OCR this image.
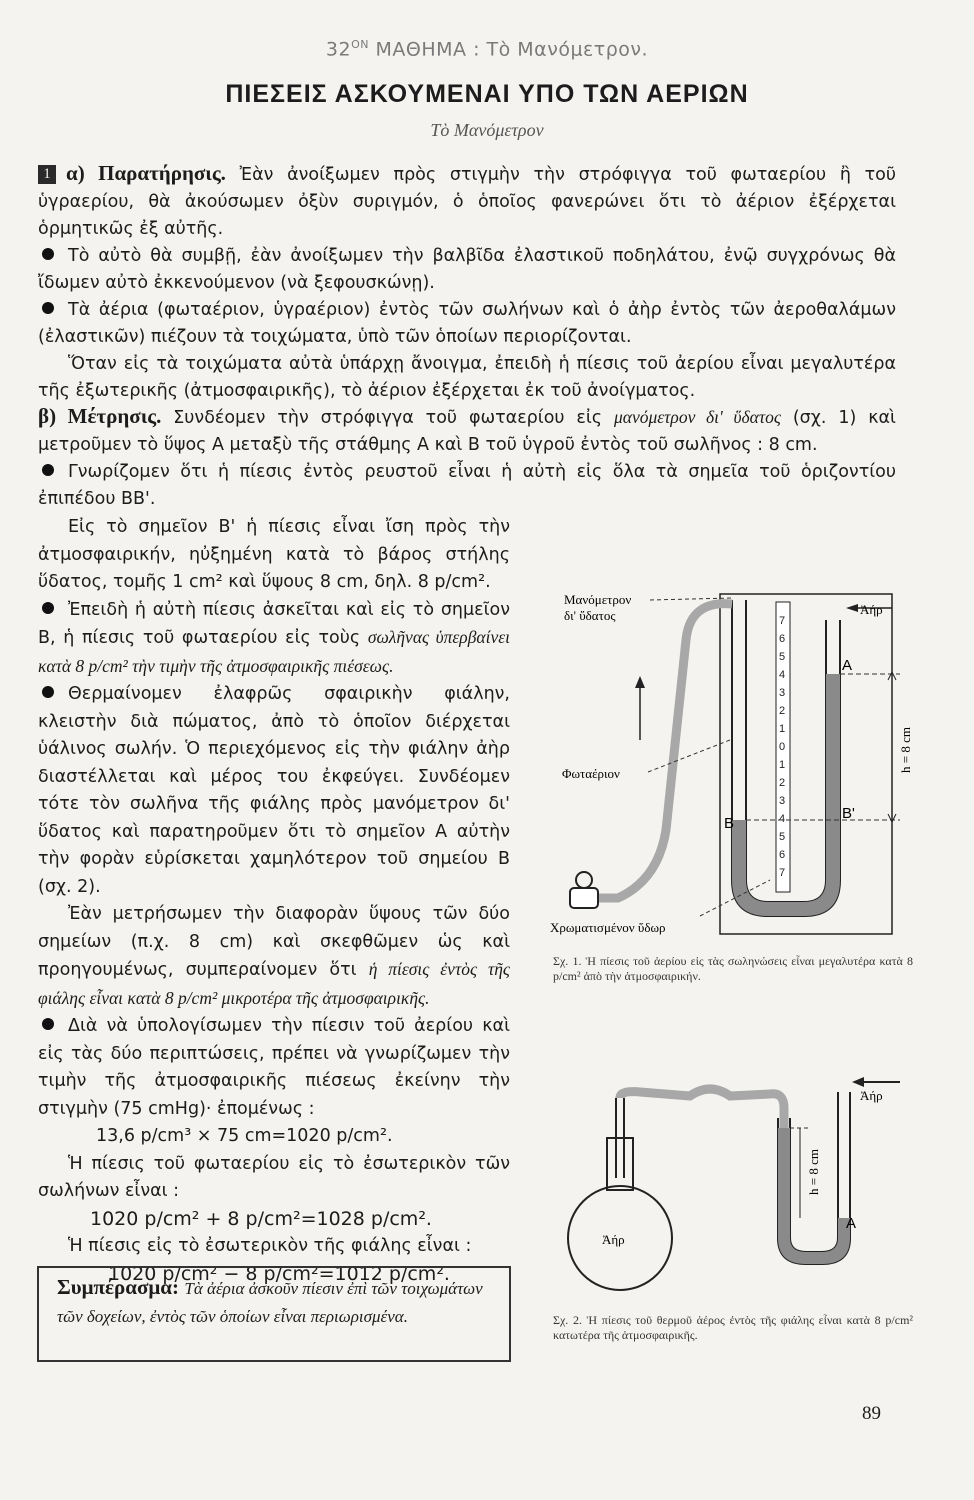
$32^{ON}$ ΜΑΘΗΜΑ : Τὸ Μανόμετρον.
ΠΙΕΣΕΙΣ ΑΣΚΟΥΜΕΝΑΙ ΥΠΟ ΤΩΝ ΑΕΡΙΩΝ
Τὸ Μανόμετρον

1 α) Παρατήρησις. Ἐὰν ἀνοίξωμεν πρὸς στιγμὴν τὴν στρόφιγγα τοῦ φωταερίου ἢ τοῦ ὑγραερίου, θὰ ἀκούσωμεν ὀξὺν συριγμόν, ὁ ὁποῖος φανερώνει ὅτι τὸ ἀέριον ἐξέρχεται ὁρμητικῶς ἐξ αὐτῆς.

Τὸ αὐτὸ θὰ συμβῇ, ἐὰν ἀνοίξωμεν τὴν βαλβῖδα ἐλαστικοῦ ποδηλάτου, ἐνῷ συγχρόνως θὰ ἴδωμεν αὐτὸ ἐκκενούμενον (νὰ ξεφουσκώνῃ).

Τὰ ἀέρια (φωταέριον, ὑγραέριον) ἐντὸς τῶν σωλήνων καὶ ὁ ἀὴρ ἐντὸς τῶν ἀεροθαλάμων (ἐλαστικῶν) πιέζουν τὰ τοιχώματα, ὑπὸ τῶν ὁποίων περιορίζονται.

Ὅταν εἰς τὰ τοιχώματα αὐτὰ ὑπάρχῃ ἄνοιγμα, ἐπειδὴ ἡ πίεσις τοῦ ἀερίου εἶναι μεγαλυτέρα τῆς ἐξωτερικῆς (ἀτμοσφαιρικῆς), τὸ ἀέριον ἐξέρχεται ἐκ τοῦ ἀνοίγματος.

β) Μέτρησις. Συνδέομεν τὴν στρόφιγγα τοῦ φωταερίου εἰς μανόμετρον δι' ὕδατος (σχ. 1) καὶ μετροῦμεν τὸ ὕψος Α μεταξὺ τῆς στάθμης Α καὶ Β τοῦ ὑγροῦ ἐντὸς τοῦ σωλῆνος : 8 cm.

Γνωρίζομεν ὅτι ἡ πίεσις ἐντὸς ρευστοῦ εἶναι ἡ αὐτὴ εἰς ὅλα τὰ σημεῖα τοῦ ὁριζοντίου ἐπιπέδου ΒΒ'.

Εἰς τὸ σημεῖον Β' ἡ πίεσις εἶναι ἴση πρὸς τὴν ἀτμοσφαιρικήν, ηὐξημένη κατὰ τὸ βάρος στήλης ὕδατος, τομῆς 1 cm² καὶ ὕψους 8 cm, δηλ. 8 p/cm².

Ἐπειδὴ ἡ αὐτὴ πίεσις ἀσκεῖται καὶ εἰς τὸ σημεῖον Β, ἡ πίεσις τοῦ φωταερίου εἰς τοὺς σωλῆνας ὑπερβαίνει κατὰ 8 p/cm² τὴν τιμὴν τῆς ἀτμοσφαιρικῆς πιέσεως.

Θερμαίνομεν ἐλαφρῶς σφαιρικὴν φιάλην, κλειστὴν διὰ πώματος, ἀπὸ τὸ ὁποῖον διέρχεται ὑάλινος σωλήν. Ὁ περιεχόμενος εἰς τὴν φιάλην ἀὴρ διαστέλλεται καὶ μέρος του ἐκφεύγει. Συνδέομεν τότε τὸν σωλῆνα τῆς φιάλης πρὸς μανόμετρον δι' ὕδατος καὶ παρατηροῦμεν ὅτι τὸ σημεῖον Α αὐτὴν τὴν φορὰν εὑρίσκεται χαμηλότερον τοῦ σημείου Β (σχ. 2).

Ἐὰν μετρήσωμεν τὴν διαφορὰν ὕψους τῶν δύο σημείων (π.χ. 8 cm) καὶ σκεφθῶμεν ὡς καὶ προηγουμένως, συμπεραίνομεν ὅτι ἡ πίεσις ἐντὸς τῆς φιάλης εἶναι κατὰ 8 p/cm² μικροτέρα τῆς ἀτμοσφαιρικῆς.

Διὰ νὰ ὑπολογίσωμεν τὴν πίεσιν τοῦ ἀερίου καὶ εἰς τὰς δύο περιπτώσεις, πρέπει νὰ γνωρίζωμεν τὴν τιμὴν τῆς ἀτμοσφαιρικῆς πιέσεως ἐκείνην τὴν στιγμὴν (75 cmHg)· ἐπομένως :

13,6 p/cm³ × 75 cm=1020 p/cm².

Ἡ πίεσις τοῦ φωταερίου εἰς τὸ ἐσωτερικὸν τῶν σωλήνων εἶναι :

1020 p/cm² + 8 p/cm²=1028 p/cm².

Ἡ πίεσις εἰς τὸ ἐσωτερικὸν τῆς φιάλης εἶναι :

1020 p/cm² − 8 p/cm²=1012 p/cm².

Συμπέρασμα: Τὰ ἀέρια ἀσκοῦν πίεσιν ἐπὶ τῶν τοιχωμάτων τῶν δοχείων, ἐντὸς τῶν ὁποίων εἶναι περιωρισμένα.
h = 8 cm
Μανόμετρον
δι' ὕδατος	Ἀήρ
Φωταέριον
Χρωματισμένον ὕδωρ
A
B
B'
7
6
5
4
3
2
1
0
1
2
3
4
5
6
7
Σχ. 1. Ἡ πίεσις τοῦ ἀερίου εἰς τὰς σωληνώσεις εἶναι μεγαλυτέρα κατὰ 8 p/cm² ἀπὸ τὴν ἀτμοσφαιρικήν.
h = 8 cm
A
Ἀήρ
Ἀήρ
Σχ. 2. Ἡ πίεσις τοῦ θερμοῦ ἀέρος ἐντὸς τῆς φιάλης εἶναι κατὰ 8 p/cm² κατωτέρα τῆς ἀτμοσφαιρικῆς.
89
